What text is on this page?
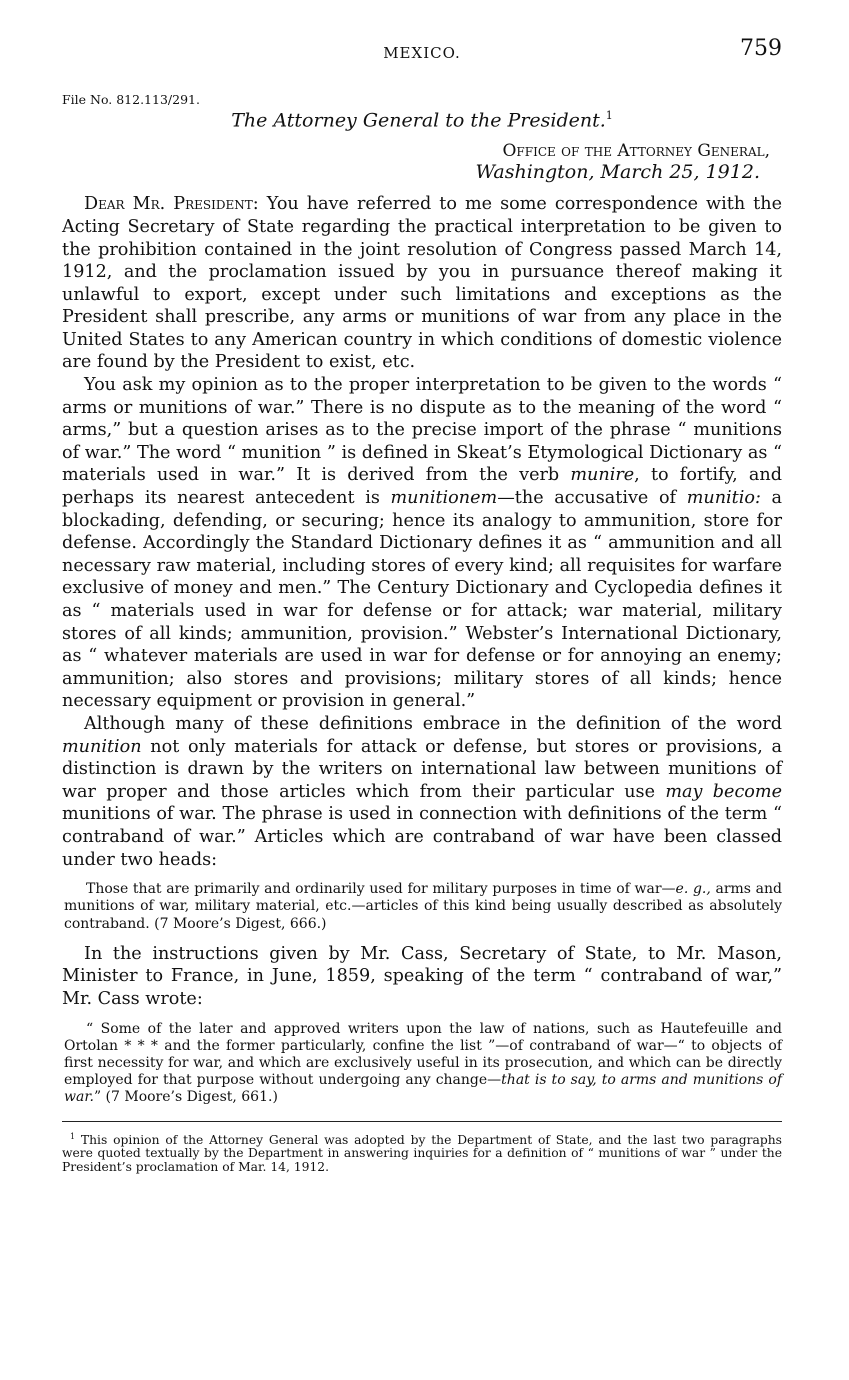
MEXICO.	759
File No. 812.113/291.
The Attorney General to the President.$^1$
Office of the Attorney General,
Washington, March 25, 1912.

Dear Mr. President: You have referred to me some correspondence with the Acting Secretary of State regarding the practical interpretation to be given to the prohibition contained in the joint resolution of Congress passed March 14, 1912, and the proclamation issued by you in pursuance thereof making it unlawful to export, except under such limitations and exceptions as the President shall prescribe, any arms or munitions of war from any place in the United States to any American country in which conditions of domestic violence are found by the President to exist, etc.

You ask my opinion as to the proper interpretation to be given to the words “ arms or munitions of war.” There is no dispute as to the meaning of the word “ arms,” but a question arises as to the precise import of the phrase “ munitions of war.” The word “ munition ” is defined in Skeat’s Etymological Dictionary as “ materials used in war.” It is derived from the verb munire, to fortify, and perhaps its nearest antecedent is munitionem—the accusative of munitio: a blockading, defending, or securing; hence its analogy to ammunition, store for defense. Accordingly the Standard Dictionary defines it as “ ammunition and all necessary raw material, including stores of every kind; all requisites for warfare exclusive of money and men.” The Century Dictionary and Cyclopedia defines it as “ materials used in war for defense or for attack; war material, military stores of all kinds; ammunition, provision.” Webster’s International Dictionary, as “ whatever materials are used in war for defense or for annoying an enemy; ammunition; also stores and provisions; military stores of all kinds; hence necessary equipment or provision in general.”

Although many of these definitions embrace in the definition of the word munition not only materials for attack or defense, but stores or provisions, a distinction is drawn by the writers on international law between munitions of war proper and those articles which from their particular use may become munitions of war. The phrase is used in connection with definitions of the term “ contraband of war.” Articles which are contraband of war have been classed under two heads:

Those that are primarily and ordinarily used for military purposes in time of war—e. g., arms and munitions of war, military material, etc.—articles of this kind being usually described as absolutely contraband. (7 Moore’s Digest, 666.)

In the instructions given by Mr. Cass, Secretary of State, to Mr. Mason, Minister to France, in June, 1859, speaking of the term “ contraband of war,” Mr. Cass wrote:

“ Some of the later and approved writers upon the law of nations, such as Hautefeuille and Ortolan * * * and the former particularly, confine the list ”—of contraband of war—“ to objects of first necessity for war, and which are exclusively useful in its prosecution, and which can be directly employed for that purpose without undergoing any change—that is to say, to arms and munitions of war.” (7 Moore’s Digest, 661.)

$^1$ This opinion of the Attorney General was adopted by the Department of State, and the last two paragraphs were quoted textually by the Department in answering inquiries for a definition of “ munitions of war ” under the President’s proclamation of Mar. 14, 1912.
